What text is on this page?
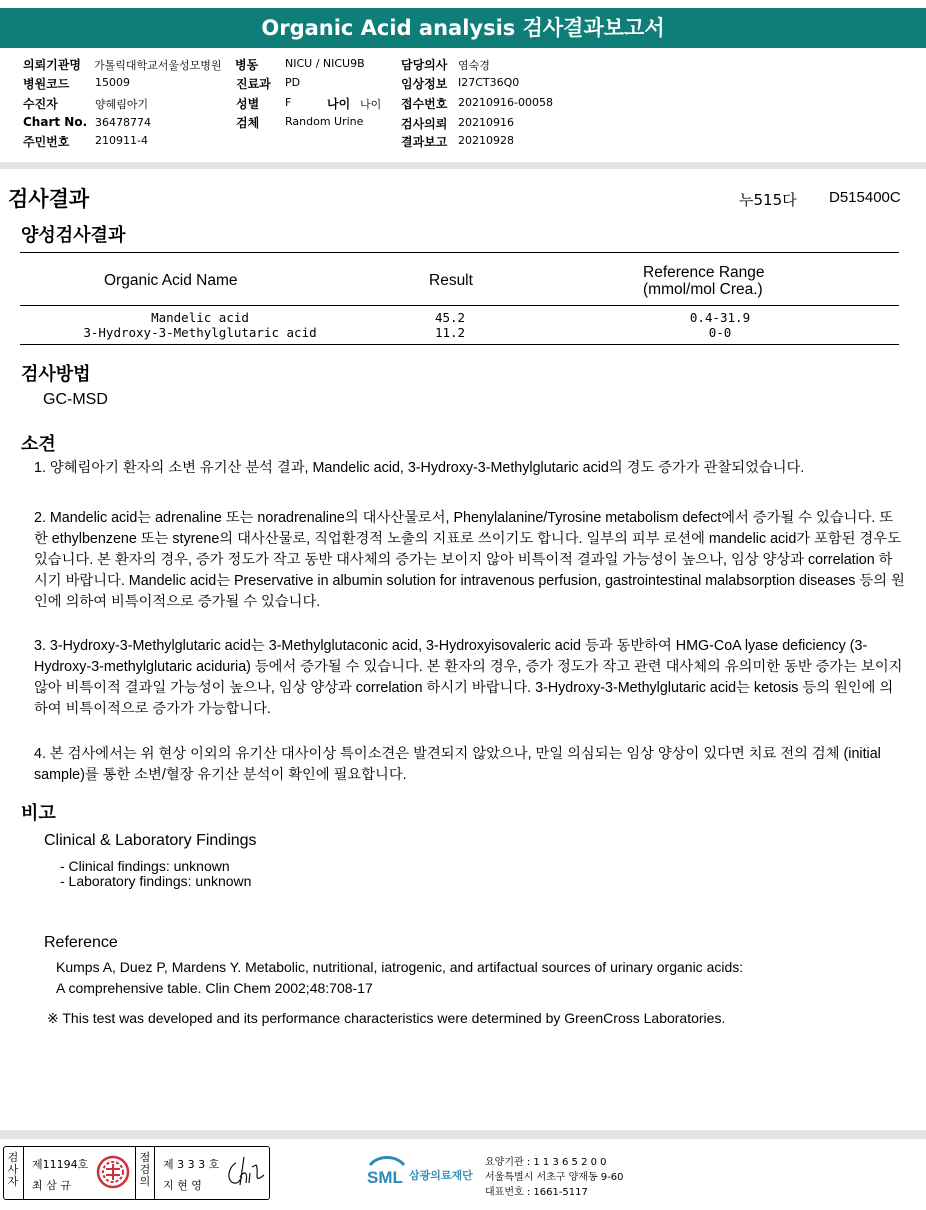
Organic Acid analysis 검사결과보고서
의뢰기관명 가톨릭대학교서울성모병원 병동 NICU / NICU9B	담당의사 염숙경
병원코드 15009	진료과 PD	임상정보 I27CT36Q0
수진자	양혜림아기	성별 F	나이 나이 접수번호 20210916-00058
Chart No. 36478774	검체 Random Urine	검사의뢰 20210916
주민번호 210911-4	결과보고 20210928
검사결과	누515다 D515400C
양성검사결과
Organic Acid Name	Result	Reference Range
(mmol/mol Crea.)
Mandelic acid	45.2	0.4-31.9
3-Hydroxy-3-Methylglutaric acid	11.2	0-0
검사방법
GC-MSD
소견
1. 양혜림아기 환자의 소변 유기산 분석 결과, Mandelic acid, 3-Hydroxy-3-Methylglutaric acid의 경도 증가가 관찰되었습니다.
2. Mandelic acid는 adrenaline 또는 noradrenaline의 대사산물로서, Phenylalanine/Tyrosine metabolism defect에서 증가될 수 있습니다. 또한 ethylbenzene 또는 styrene의 대사산물로, 직업환경적 노출의 지표로 쓰이기도 합니다. 일부의 피부 로션에 mandelic acid가 포함된 경우도 있습니다. 본 환자의 경우, 증가 정도가 작고 동반 대사체의 증가는 보이지 않아 비특이적 결과일 가능성이 높으나, 임상 양상과 correlation 하시기 바랍니다. Mandelic acid는 Preservative in albumin solution for intravenous perfusion, gastrointestinal malabsorption diseases 등의 원인에 의하여 비특이적으로 증가될 수 있습니다.
3. 3-Hydroxy-3-Methylglutaric acid는 3-Methylglutaconic acid, 3-Hydroxyisovaleric acid 등과 동반하여 HMG-CoA lyase deficiency (3-Hydroxy-3-methylglutaric aciduria) 등에서 증가될 수 있습니다. 본 환자의 경우, 증가 정도가 작고 관련 대사체의 유의미한 동반 증가는 보이지 않아 비특이적 결과일 가능성이 높으나, 임상 양상과 correlation 하시기 바랍니다. 3-Hydroxy-3-Methylglutaric acid는 ketosis 등의 원인에 의하여 비특이적으로 증가가 가능합니다.
4. 본 검사에서는 위 현상 이외의 유기산 대사이상 특이소견은 발견되지 않았으나, 만일 의심되는 임상 양상이 있다면 치료 전의 검체 (initial sample)를 통한 소변/혈장 유기산 분석이 확인에 필요합니다.
비고
Clinical & Laboratory Findings
- Clinical findings: unknown
- Laboratory findings: unknown
Reference
Kumps A, Duez P, Mardens Y. Metabolic, nutritional, iatrogenic, and artifactual sources of urinary organic acids:
A comprehensive table. Clin Chem 2002;48:708-17
※ This test was developed and its performance characteristics were determined by GreenCross Laboratories.
검사자
제11194호
최 삼 규
점검의
제 3 3 3 호
지 현 영	SML 삼광의료재단
요양기관 : 1 1 3 6 5 2 0 0
서울특별시 서초구 양재동 9-60
대표번호 : 1661-5117
